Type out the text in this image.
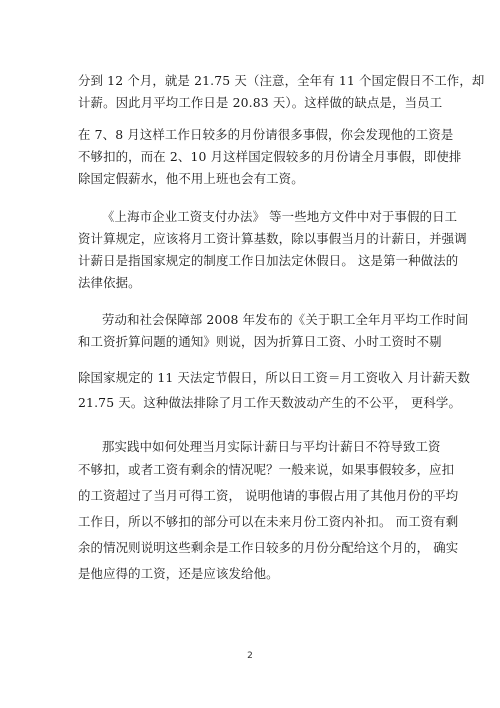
分到 12 个月，就是 21.75 天（注意，全年有 11 个国定假日不工作，却
计薪。因此月平均工作日是 20.83 天）。这样做的缺点是，当员工
在 7、8 月这样工作日较多的月份请很多事假，你会发现他的工资是
不够扣的，而在 2、10 月这样国定假较多的月份请全月事假，即使排
除国定假薪水，他不用上班也会有工资。
《上海市企业工资支付办法》 等一些地方文件中对于事假的日工
资计算规定，应该将月工资计算基数，除以事假当月的计薪日，并强调
计薪日是指国家规定的制度工作日加法定休假日。 这是第一种做法的
法律依据。
劳动和社会保障部 2008 年发布的《关于职工全年月平均工作时间
和工资折算问题的通知》则说，因为折算日工资、小时工资时不剔
除国家规定的 11 天法定节假日，所以日工资＝月工资收入 月计薪天数
21.75 天。这种做法排除了月工作天数波动产生的不公平， 更科学。
那实践中如何处理当月实际计薪日与平均计薪日不符导致工资
不够扣，或者工资有剩余的情况呢？一般来说，如果事假较多，应扣
的工资超过了当月可得工资， 说明他请的事假占用了其他月份的平均
工作日，所以不够扣的部分可以在未来月份工资内补扣。 而工资有剩
余的情况则说明这些剩余是工作日较多的月份分配给这个月的， 确实
是他应得的工资，还是应该发给他。
2
